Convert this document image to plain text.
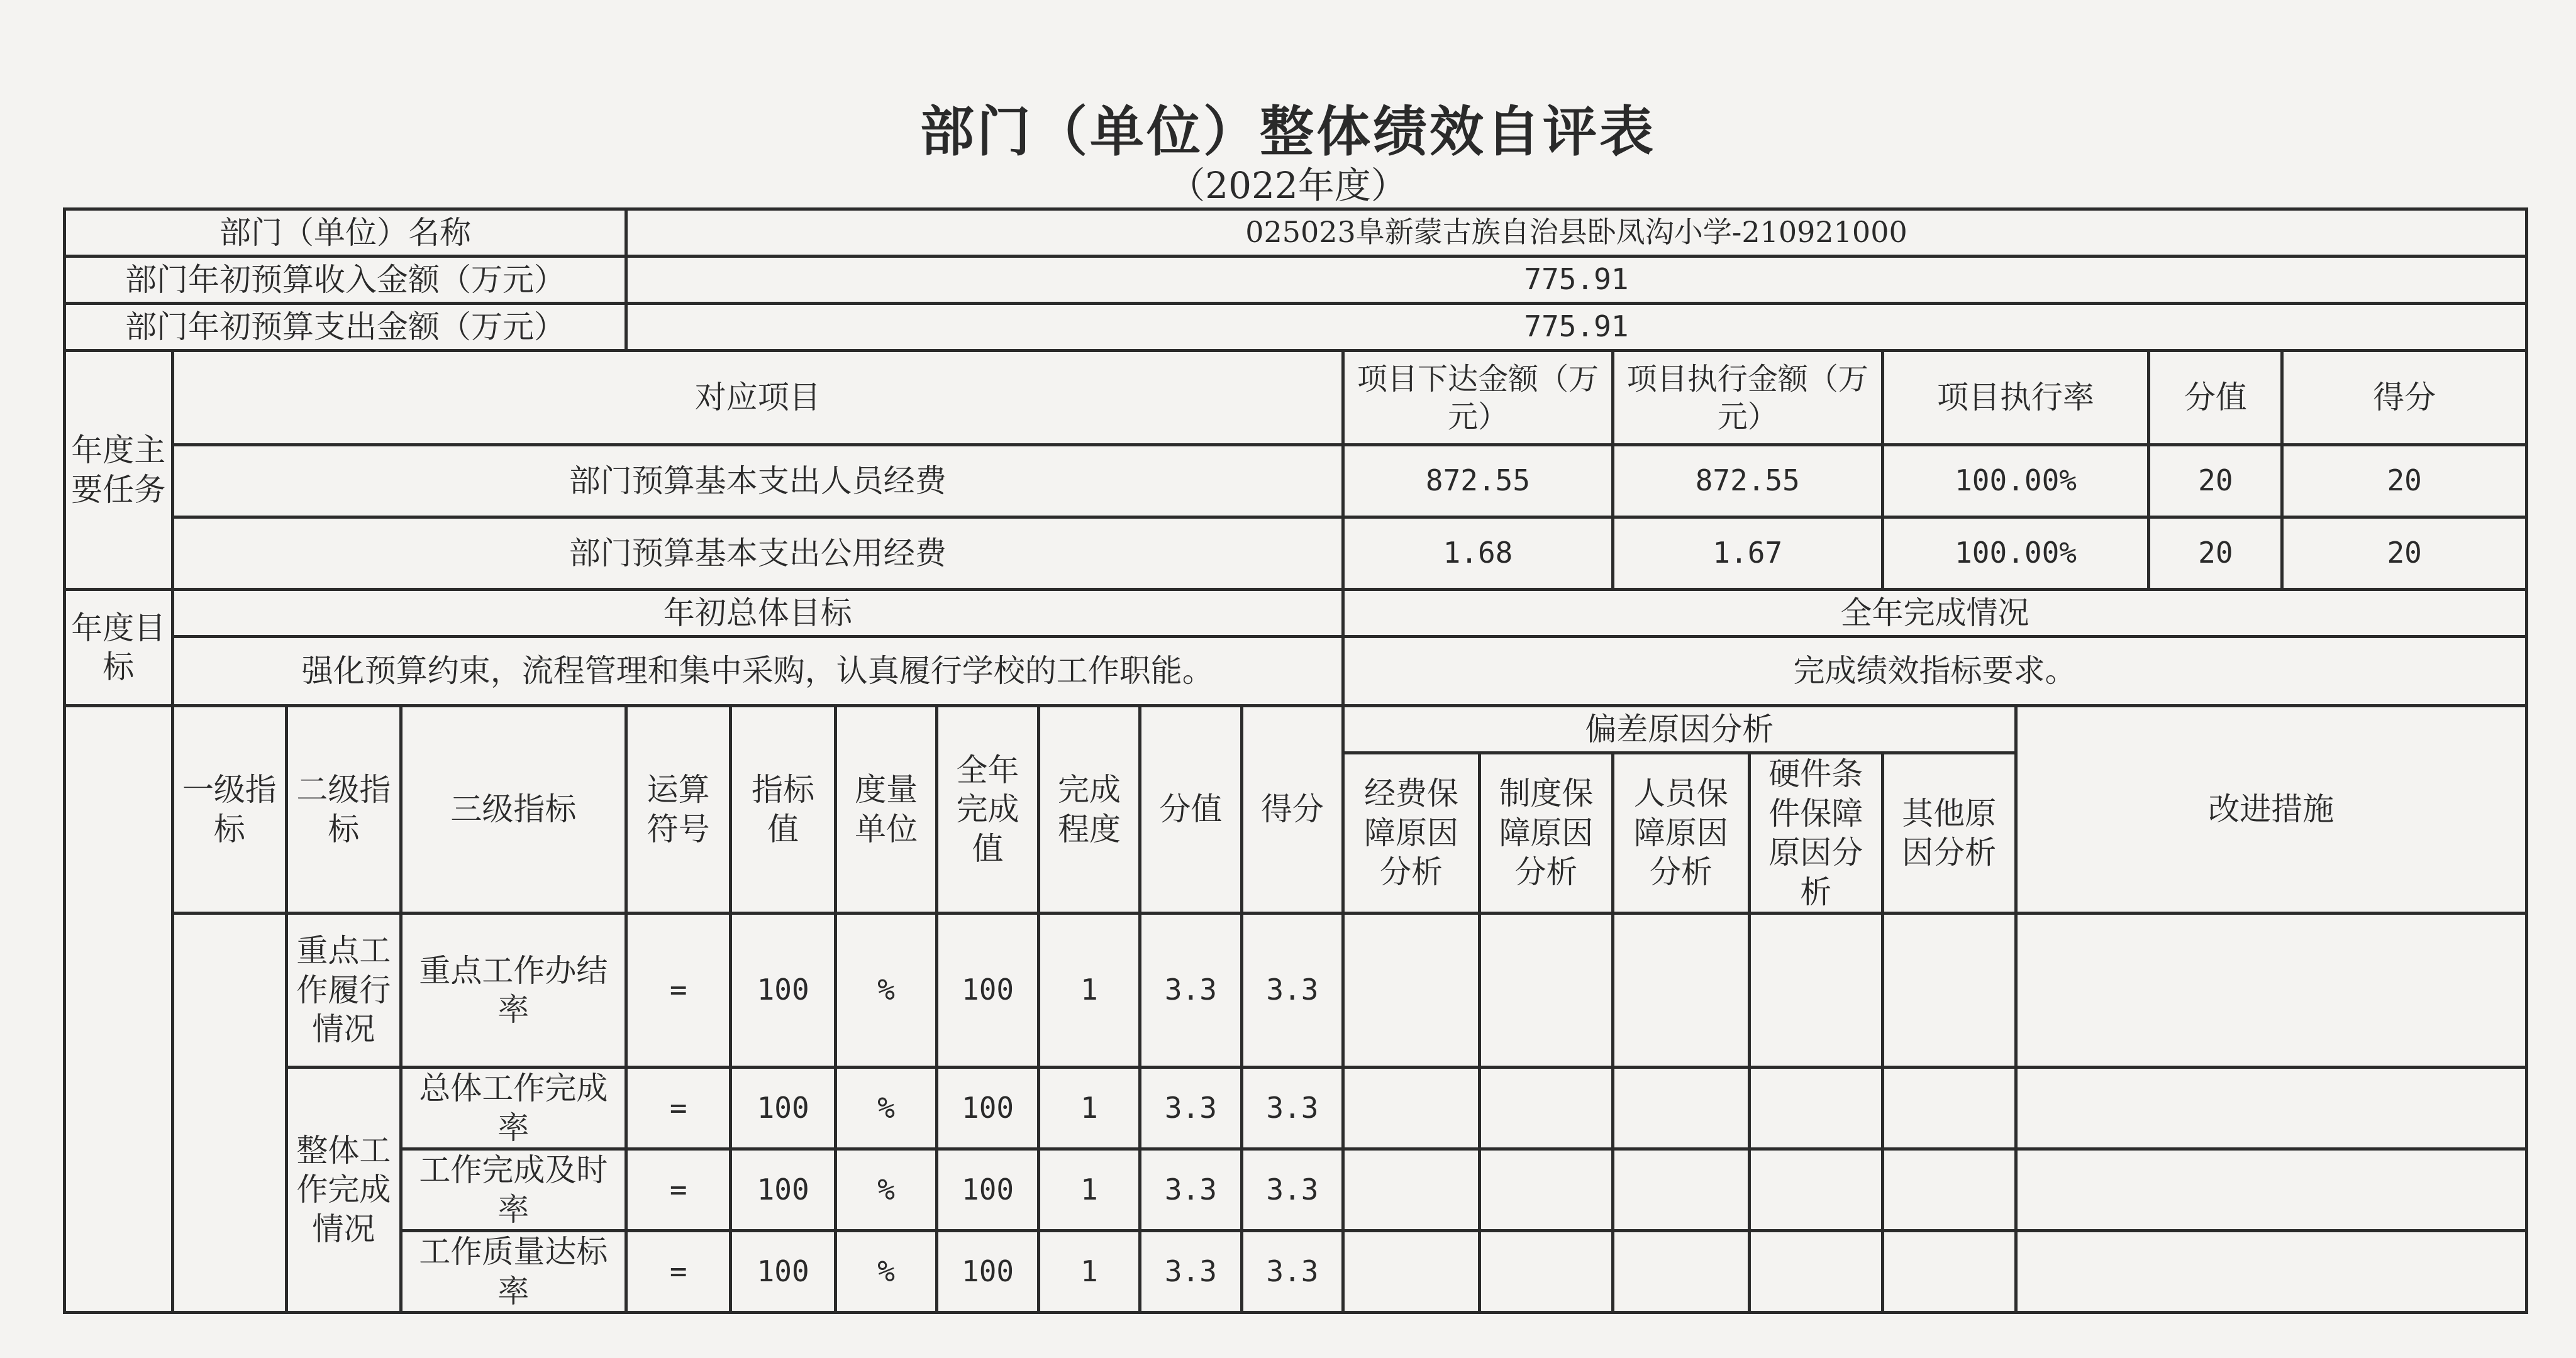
部门（单位）整体绩效自评表
（2022年度）
部门（单位）名称				025023阜新蒙古族自治县卧凤沟小学-210921000														
部门年初预算收入金额（万元）				775.91														
部门年初预算支出金额（万元）				775.91														
年度主要任务	对应项目										项目下达金额（万元）		项目执行金额（万元）		项目执行率		分值	得分
	部门预算基本支出人员经费										872.55		872.55		100.00%		20	20
	部门预算基本支出公用经费										1.68		1.67		100.00%		20	20
年度目标	年初总体目标										全年完成情况							
	强化预算约束，流程管理和集中采购，认真履行学校的工作职能。										完成绩效指标要求。							
	一级指标	二级指标	三级指标	运算符号	指标值	度量单位	全年完成值	完成程度	分值	得分	偏差原因分析					改进措施		
											经费保障原因分析	制度保障原因分析	人员保障原因分析	硬件条件保障原因分析	其他原因分析			
		重点工作履行情况	重点工作办结率	=	100	%	100	1	3.3	3.3								
		整体工作完成情况	总体工作完成率	=	100	%	100	1	3.3	3.3								
			工作完成及时率	=	100	%	100	1	3.3	3.3								
			工作质量达标率	=	100	%	100	1	3.3	3.3								
